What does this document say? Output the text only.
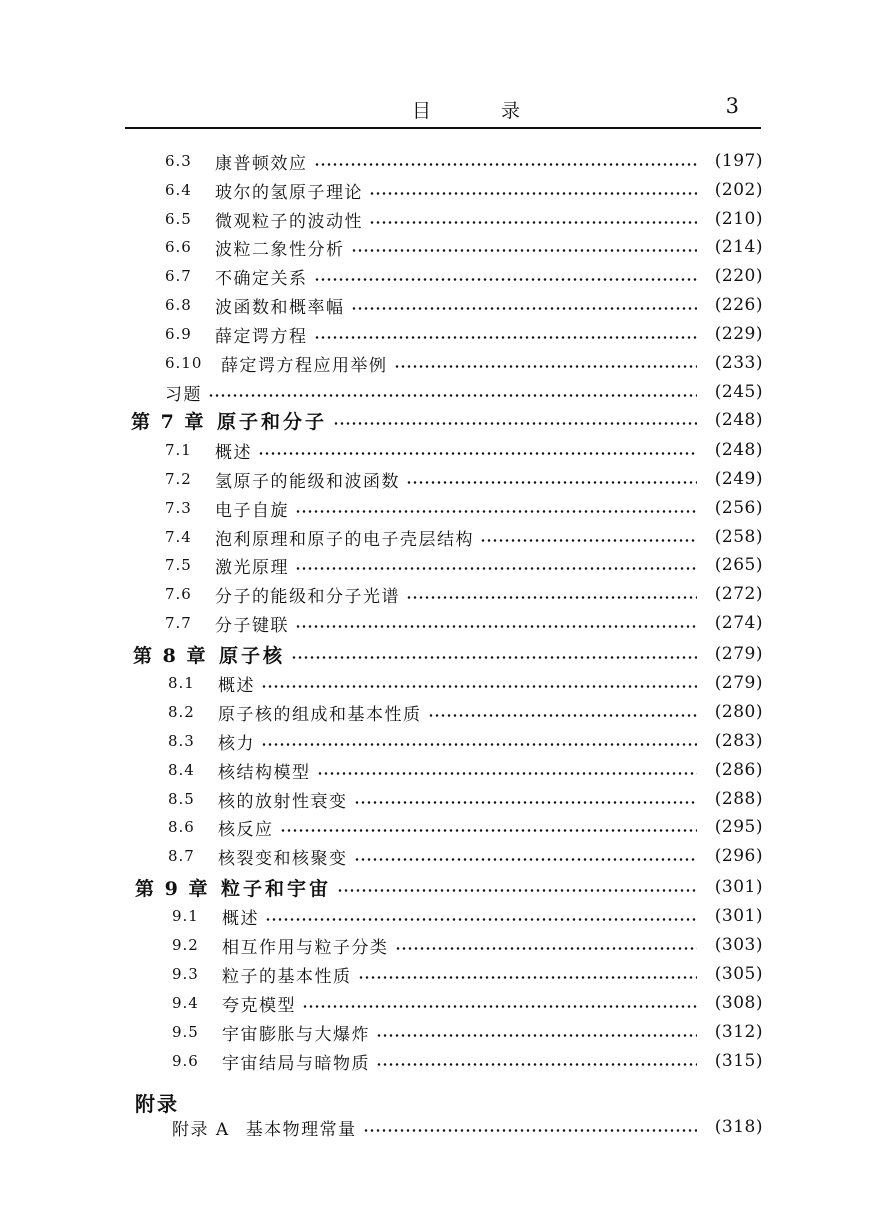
目 录	3
6.3	康普顿效应	(197)
6.4	玻尔的氢原子理论	(202)
6.5	微观粒子的波动性	(210)
6.6	波粒二象性分析	(214)
6.7	不确定关系	(220)
6.8	波函数和概率幅	(226)
6.9	薛定谔方程	(229)
6.10	薛定谔方程应用举例	(233)
习题	(245)
第 7 章 原子和分子	(248)
7.1	概述	(248)
7.2	氢原子的能级和波函数	(249)
7.3	电子自旋	(256)
7.4	泡利原理和原子的电子壳层结构	(258)
7.5	激光原理	(265)
7.6	分子的能级和分子光谱	(272)
7.7	分子键联	(274)
第 8 章 原子核	(279)
8.1	概述	(279)
8.2	原子核的组成和基本性质	(280)
8.3	核力	(283)
8.4	核结构模型	(286)
8.5	核的放射性衰变	(288)
8.6	核反应	(295)
8.7	核裂变和核聚变	(296)
第 9 章 粒子和宇宙	(301)
9.1	概述	(301)
9.2	相互作用与粒子分类	(303)
9.3	粒子的基本性质	(305)
9.4	夸克模型	(308)
9.5	宇宙膨胀与大爆炸	(312)
9.6	宇宙结局与暗物质	(315)
附录
附录 A 基本物理常量	(318)
